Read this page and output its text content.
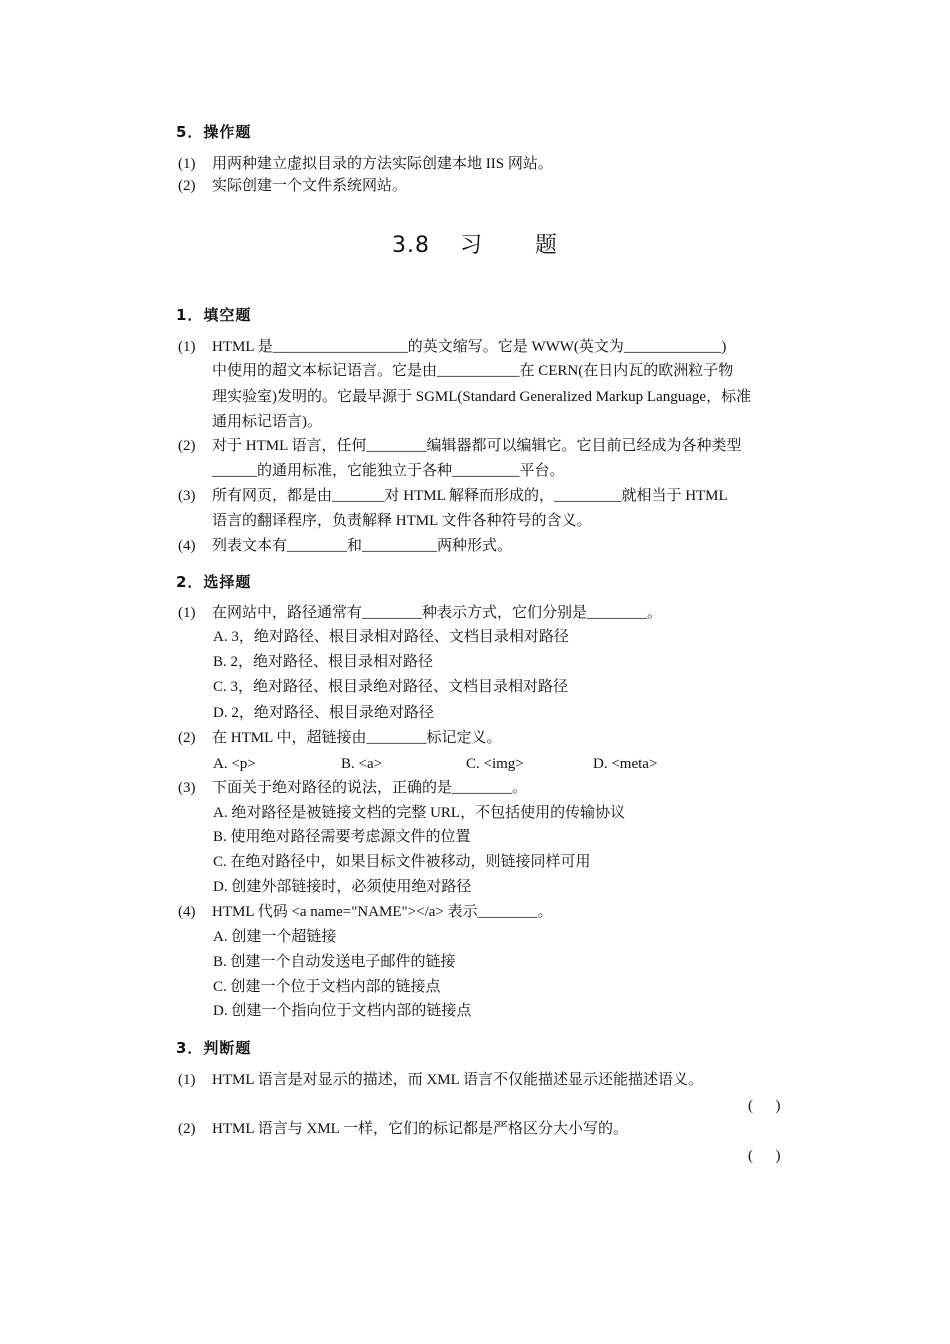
5．操作题
(1) 用两种建立虚拟目录的方法实际创建本地 IIS 网站。
(2) 实际创建一个文件系统网站。
3.8 习 题
1．填空题
(1) HTML 是__________________的英文缩写。它是 WWW(英文为_____________)
中使用的超文本标记语言。它是由___________在 CERN(在日内瓦的欧洲粒子物
理实验室)发明的。它最早源于 SGML(Standard Generalized Markup Language，标准
通用标记语言)。
(2) 对于 HTML 语言，任何________编辑器都可以编辑它。它目前已经成为各种类型
______的通用标准，它能独立于各种_________平台。
(3) 所有网页，都是由_______对 HTML 解释而形成的，_________就相当于 HTML
语言的翻译程序，负责解释 HTML 文件各种符号的含义。
(4) 列表文本有________和__________两种形式。
2．选择题
(1) 在网站中，路径通常有________种表示方式，它们分别是________。
A. 3，绝对路径、根目录相对路径、文档目录相对路径
B. 2，绝对路径、根目录相对路径
C. 3，绝对路径、根目录绝对路径、文档目录相对路径
D. 2，绝对路径、根目录绝对路径
(2) 在 HTML 中，超链接由________标记定义。
A. <p>	B. <a>	C. <img>	D. <meta>
(3) 下面关于绝对路径的说法，正确的是________。
A. 绝对路径是被链接文档的完整 URL，不包括使用的传输协议
B. 使用绝对路径需要考虑源文件的位置
C. 在绝对路径中，如果目标文件被移动，则链接同样可用
D. 创建外部链接时，必须使用绝对路径
(4) HTML 代码 <a name="NAME"></a> 表示________。
A. 创建一个超链接
B. 创建一个自动发送电子邮件的链接
C. 创建一个位于文档内部的链接点
D. 创建一个指向位于文档内部的链接点
3．判断题
(1) HTML 语言是对显示的描述，而 XML 语言不仅能描述显示还能描述语义。
(      )
(2) HTML 语言与 XML 一样，它们的标记都是严格区分大小写的。
(      )
